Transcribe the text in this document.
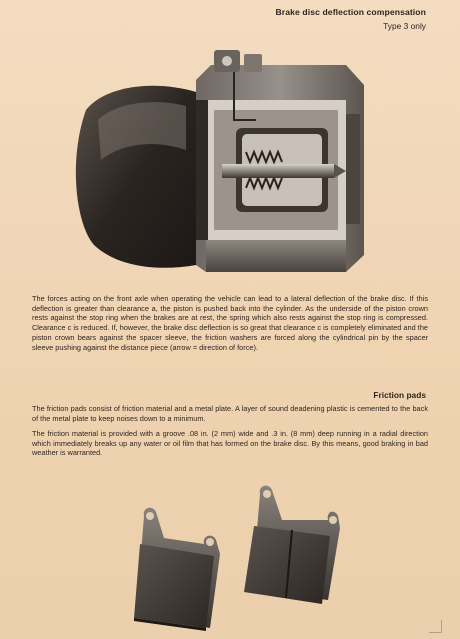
Brake disc deflection compensation
Type 3 only

The forces acting on the front axle when operating the vehicle can lead to a lateral deflection of the brake disc. If this deflection is greater than clearance a, the piston is pushed back into the cylinder. As the underside of the piston crown rests against the stop ring when the brakes are at rest, the spring which also rests against the stop ring is compressed. Clearance c is reduced. If, however, the brake disc deflection is so great that clearance c is completely eliminated and the piston crown bears against the spacer sleeve, the friction washers are forced along the cylindrical pin by the spacer sleeve pushing against the distance piece (arrow = direction of force).

Friction pads

The friction pads consist of friction material and a metal plate. A layer of sound deadening plastic is cemented to the back of the metal plate to keep noises down to a minimum.

The friction material is provided with a groove .08 in. (2 mm) wide and .3 in. (8 mm) deep running in a radial direction which immediately breaks up any water or oil film that has formed on the brake disc. By this means, good braking in bad weather is warranted.
